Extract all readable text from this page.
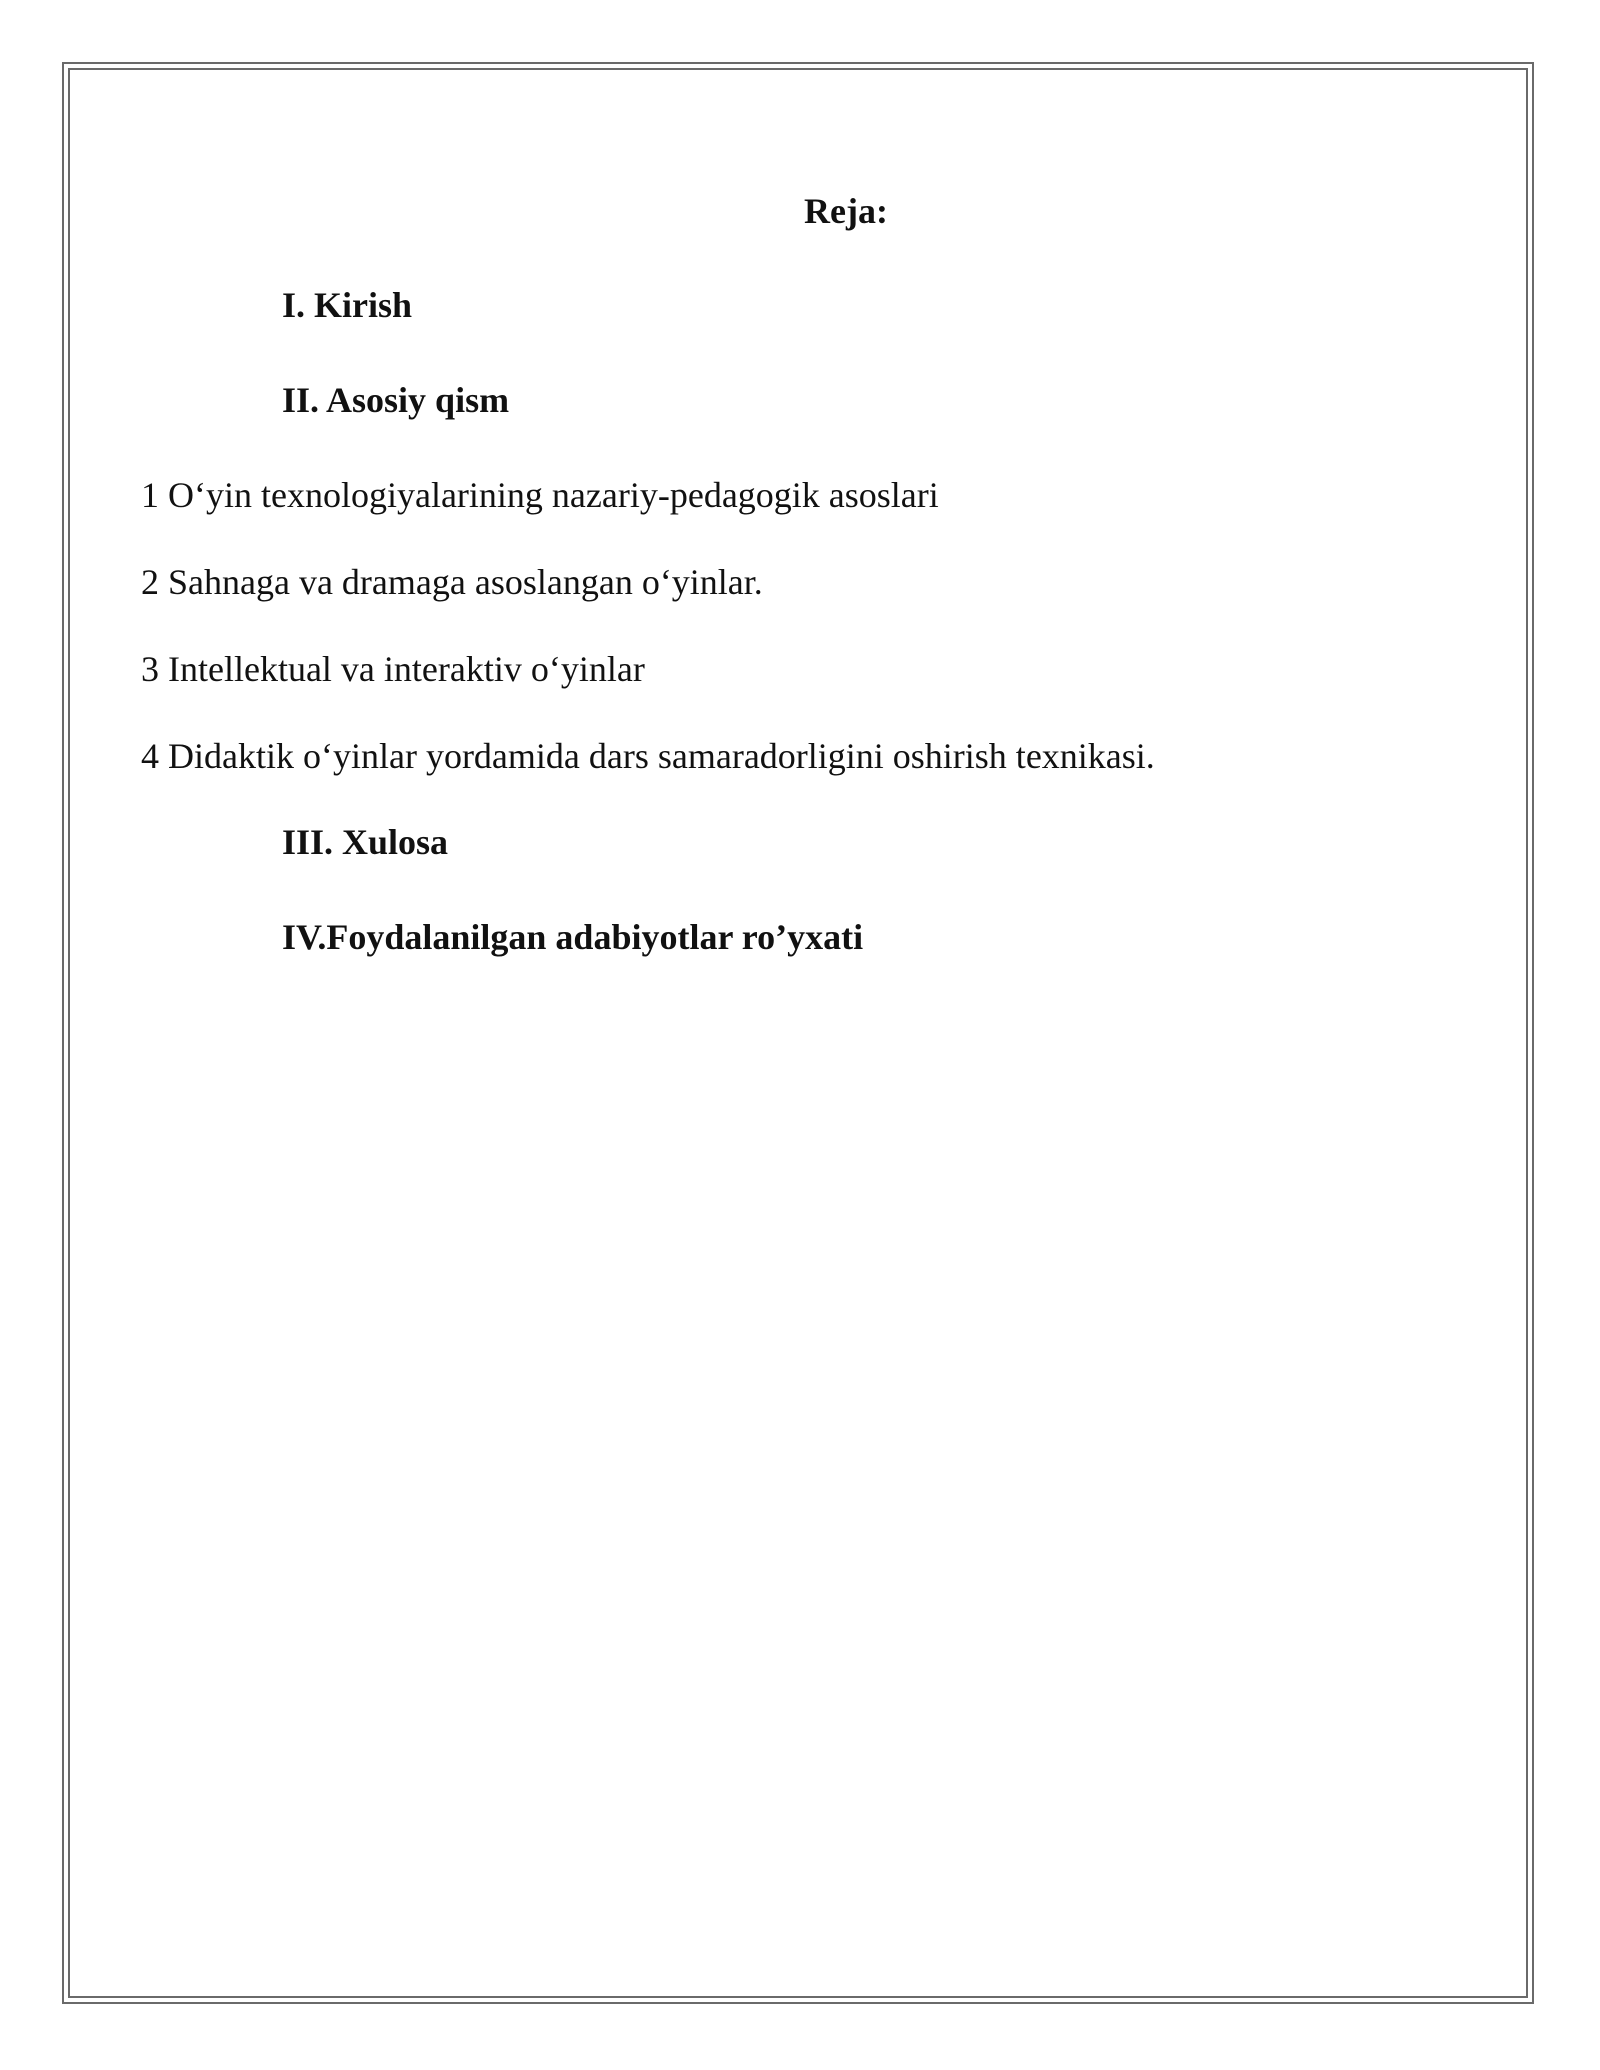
Reja:
I. Kirish
II. Asosiy qism
1 O‘yin texnologiyalarining nazariy-pedagogik asoslari
2 Sahnaga va dramaga asoslangan o‘yinlar.
3 Intellektual va interaktiv o‘yinlar
4 Didaktik o‘yinlar yordamida dars samaradorligini oshirish texnikasi.
III. Xulosa
IV.Foydalanilgan adabiyotlar ro’yxati
